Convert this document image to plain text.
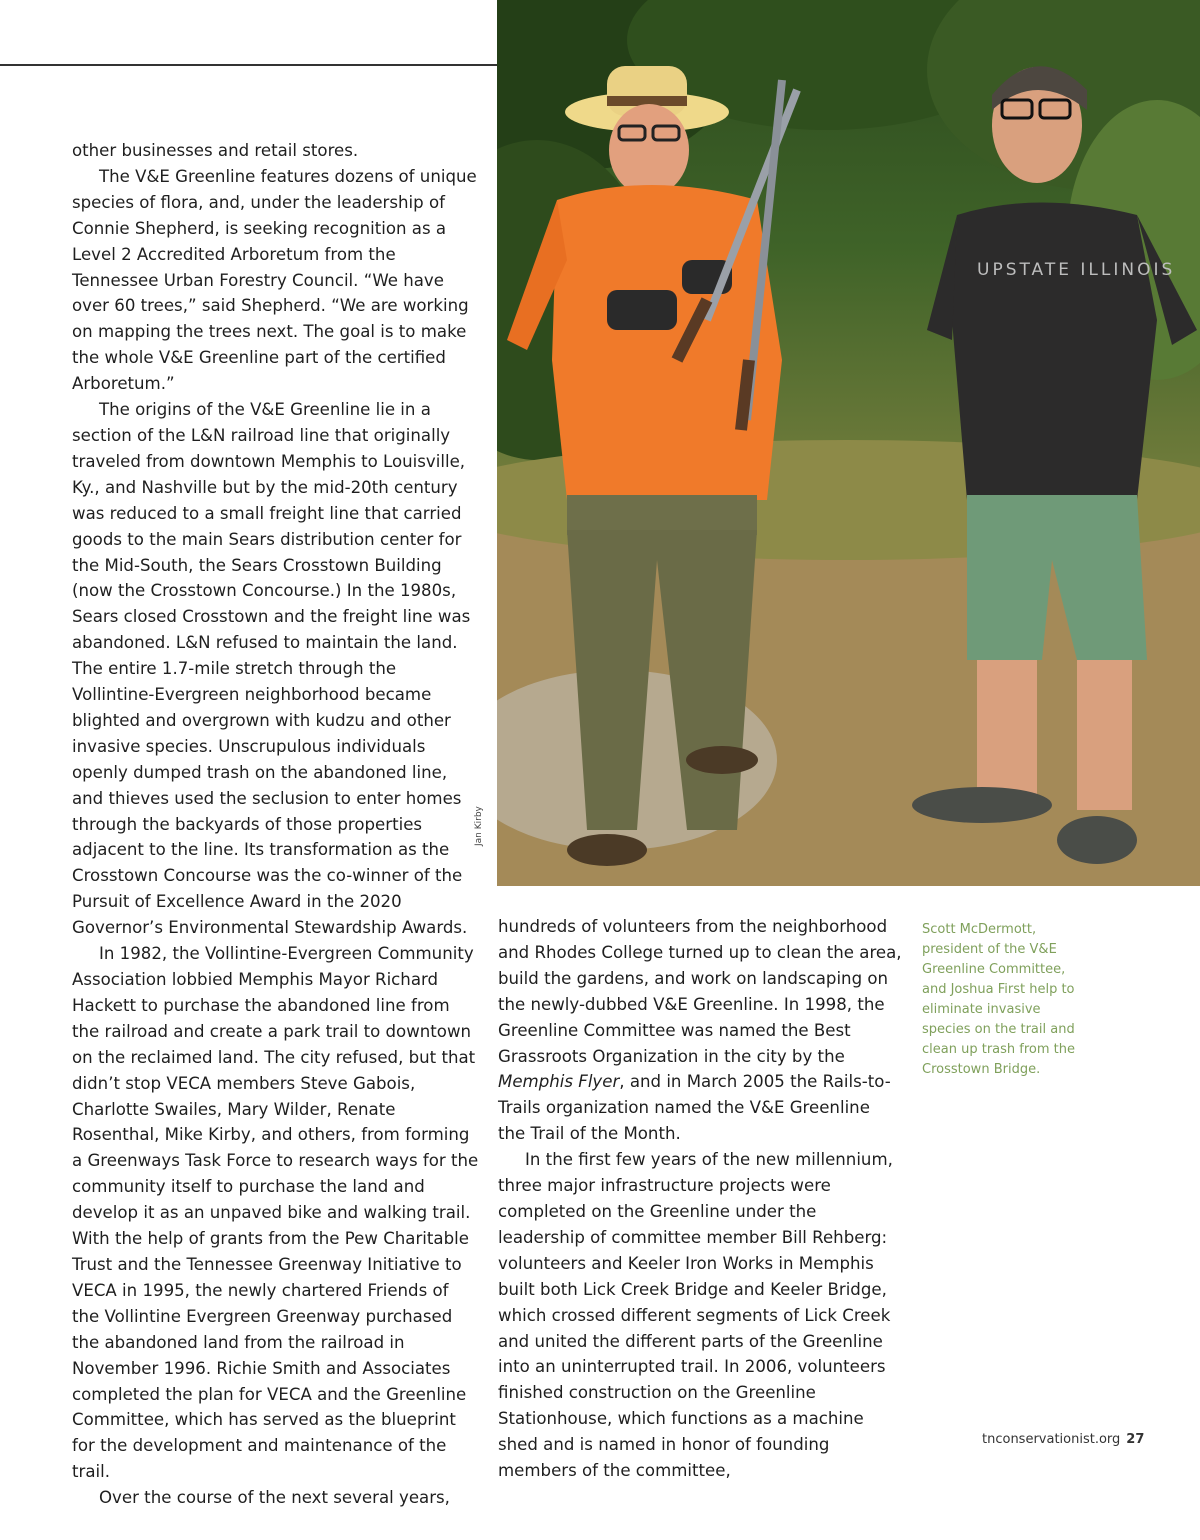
other businesses and retail stores.

The V&E Greenline features dozens of unique species of flora, and, under the leadership of Connie Shepherd, is seeking recognition as a Level 2 Accredited Arboretum from the Tennessee Urban Forestry Council. “We have over 60 trees,” said Shepherd. “We are working on mapping the trees next. The goal is to make the whole V&E Greenline part of the certified Arboretum.”

The origins of the V&E Greenline lie in a section of the L&N railroad line that originally traveled from downtown Memphis to Louisville, Ky., and Nashville but by the mid-20th century was reduced to a small freight line that carried goods to the main Sears distribution center for the Mid-South, the Sears Crosstown Building (now the Crosstown Concourse.) In the 1980s, Sears closed Crosstown and the freight line was abandoned. L&N refused to maintain the land. The entire 1.7-mile stretch through the Vollintine-Evergreen neighborhood became blighted and overgrown with kudzu and other invasive species. Unscrupulous individuals openly dumped trash on the abandoned line, and thieves used the seclusion to enter homes through the backyards of those properties adjacent to the line. Its transformation as the Crosstown Concourse was the co-winner of the Pursuit of Excellence Award in the 2020 Governor’s Environmental Stewardship Awards.

In 1982, the Vollintine-Evergreen Community Association lobbied Memphis Mayor Richard Hackett to purchase the abandoned line from the railroad and create a park trail to downtown on the reclaimed land. The city refused, but that didn’t stop VECA members Steve Gabois, Charlotte Swailes, Mary Wilder, Renate Rosenthal, Mike Kirby, and others, from forming a Greenways Task Force to research ways for the community itself to purchase the land and develop it as an unpaved bike and walking trail. With the help of grants from the Pew Charitable Trust and the Tennessee Greenway Initiative to VECA in 1995, the newly chartered Friends of the Vollintine Evergreen Greenway purchased the abandoned land from the railroad in November 1996. Richie Smith and Associates completed the plan for VECA and the Greenline Committee, which has served as the blueprint for the development and maintenance of the trail.

Over the course of the next several years,

UPSTATE ILLINOIS
Jan Kirby

hundreds of volunteers from the neighborhood and Rhodes College turned up to clean the area, build the gardens, and work on landscaping on the newly-dubbed V&E Greenline. In 1998, the Greenline Committee was named the Best Grassroots Organization in the city by the Memphis Flyer, and in March 2005 the Rails-to-Trails organization named the V&E Greenline the Trail of the Month.

In the first few years of the new millennium, three major infrastructure projects were completed on the Greenline under the leadership of committee member Bill Rehberg: volunteers and Keeler Iron Works in Memphis built both Lick Creek Bridge and Keeler Bridge, which crossed different segments of Lick Creek and united the different parts of the Greenline into an uninterrupted trail. In 2006, volunteers finished construction on the Greenline Stationhouse, which functions as a machine shed and is named in honor of founding members of the committee,

Scott McDermott, president of the V&E Greenline Committee, and Joshua First help to eliminate invasive species on the trail and clean up trash from the Crosstown Bridge.
tnconservationist.org 27
